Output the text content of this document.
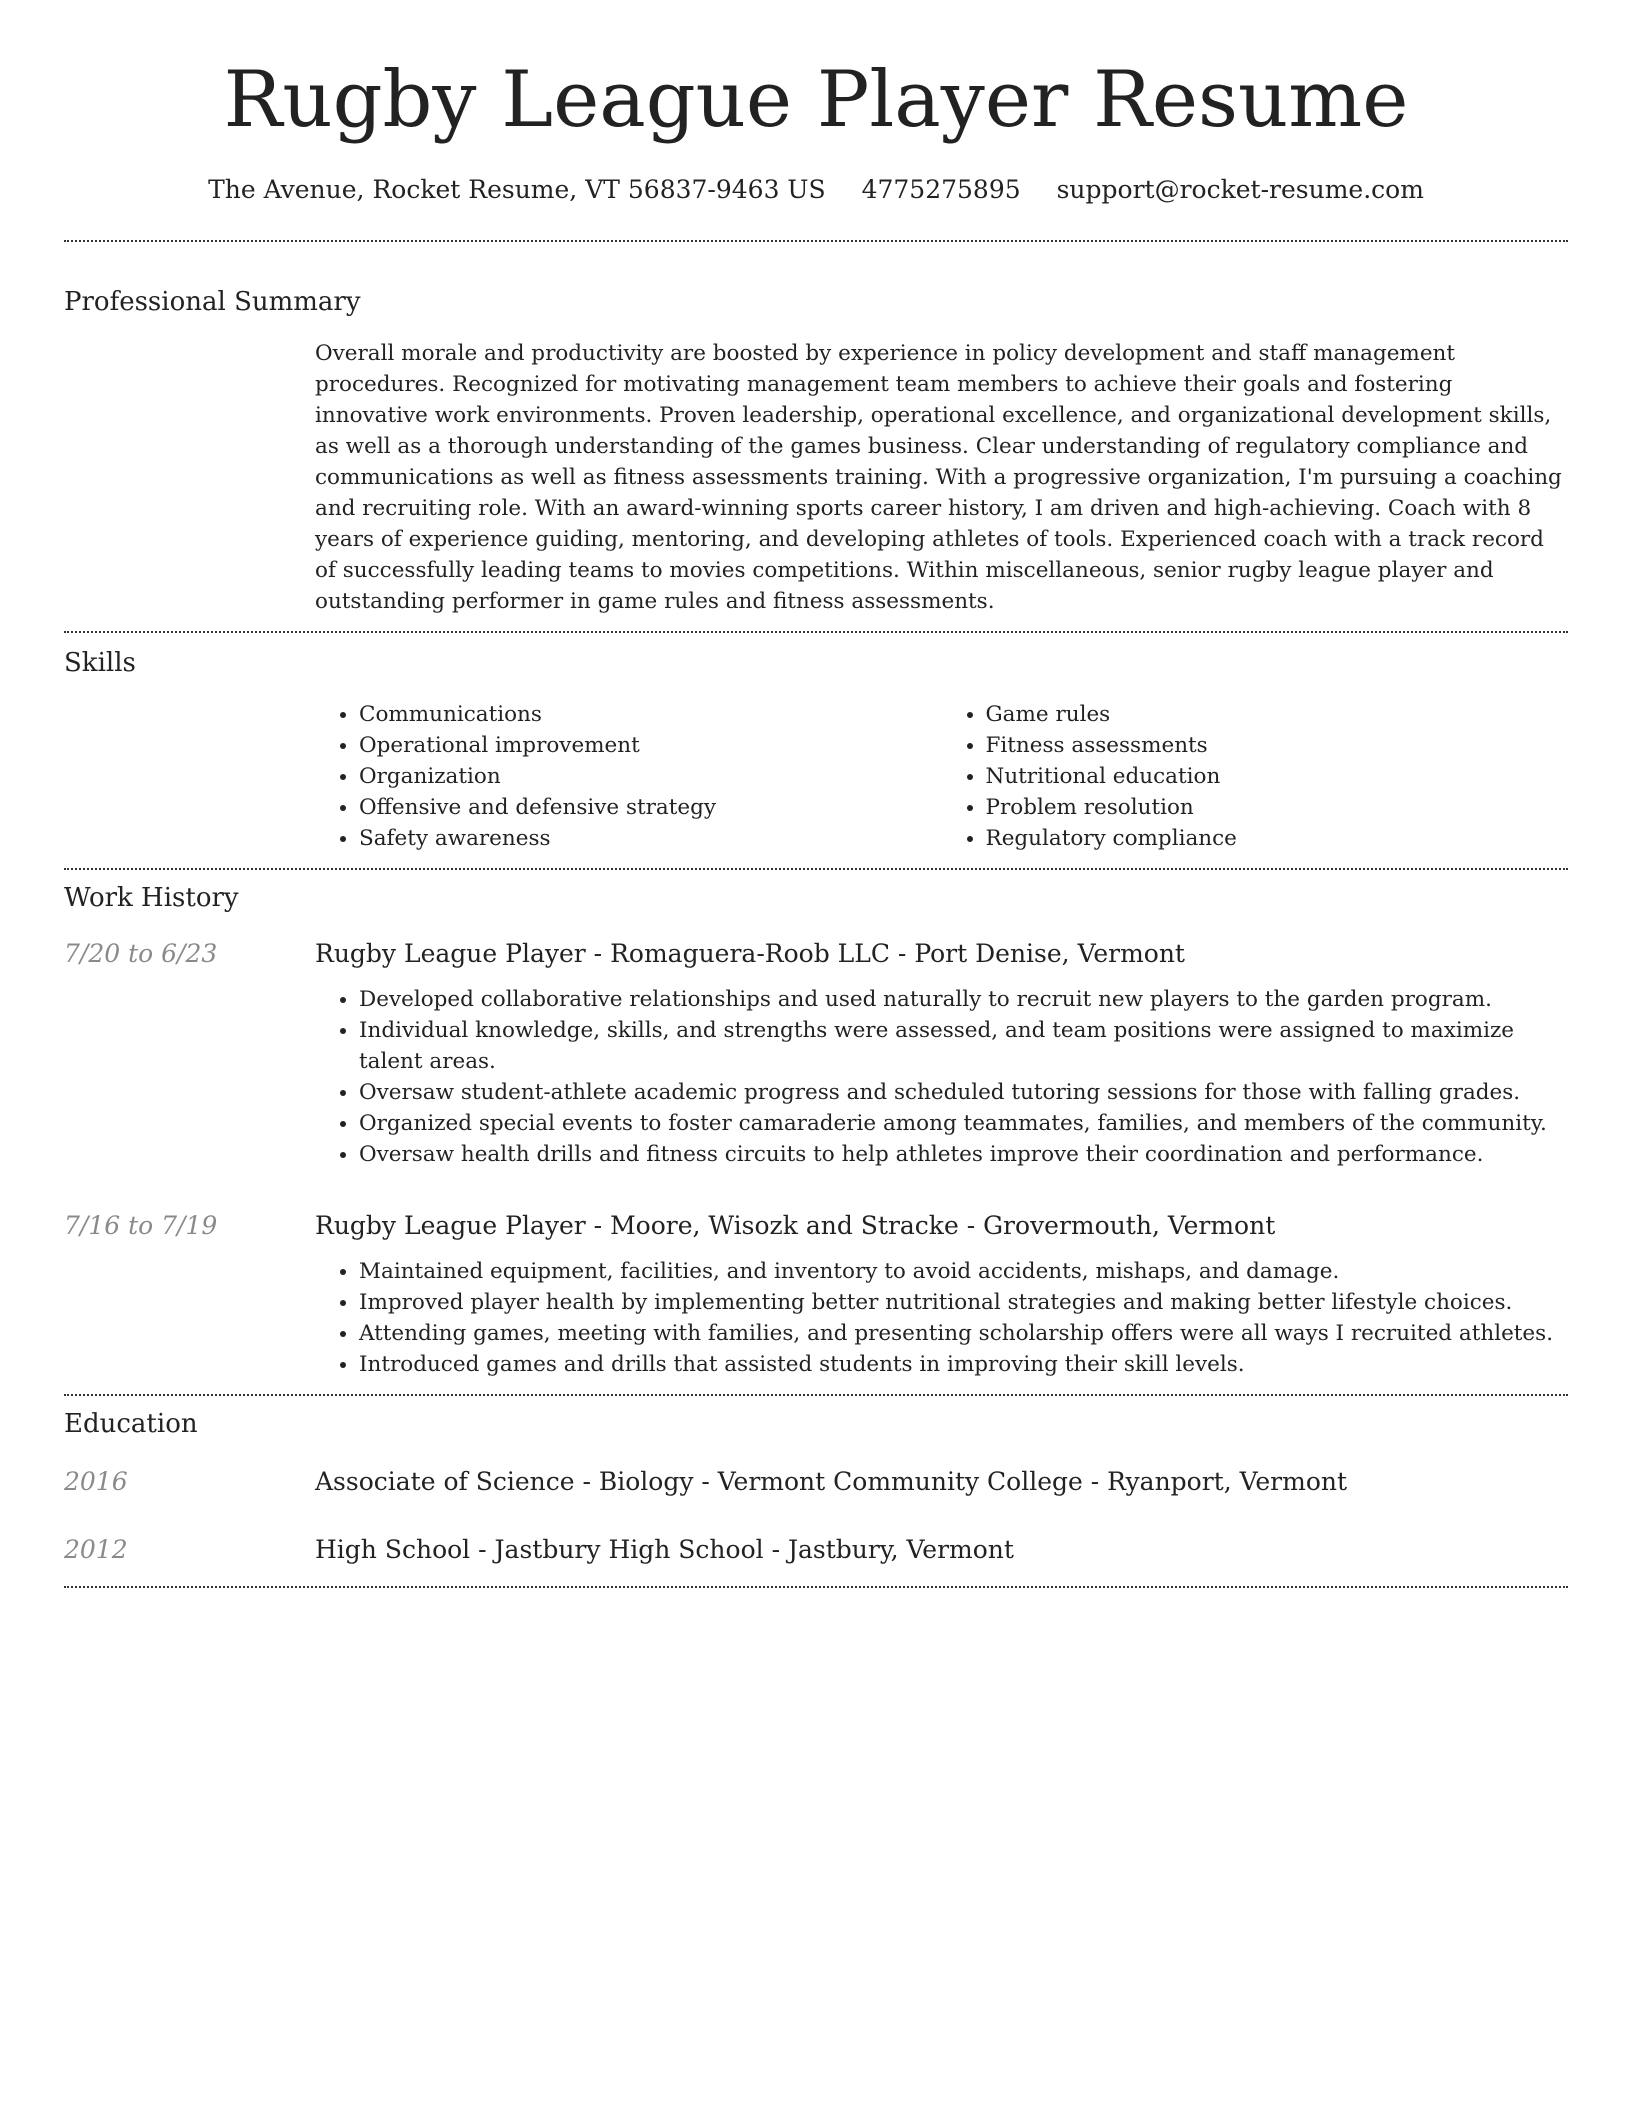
Rugby League Player Resume
The Avenue, Rocket Resume, VT 56837-9463 US 4775275895 support@rocket-resume.com
Professional Summary

Overall morale and productivity are boosted by experience in policy development and staff management procedures. Recognized for motivating management team members to achieve their goals and fostering innovative work environments. Proven leadership, operational excellence, and organizational development skills, as well as a thorough understanding of the games business. Clear understanding of regulatory compliance and communications as well as fitness assessments training. With a progressive organization, I'm pursuing a coaching and recruiting role. With an award-winning sports career history, I am driven and high-achieving. Coach with 8 years of experience guiding, mentoring, and developing athletes of tools. Experienced coach with a track record of successfully leading teams to movies competitions. Within miscellaneous, senior rugby league player and outstanding performer in game rules and fitness assessments.

Skills
• Communications
• Operational improvement
• Organization
• Offensive and defensive strategy
• Safety awareness
• Game rules
• Fitness assessments
• Nutritional education
• Problem resolution
• Regulatory compliance
Work History
7/20 to 6/23	Rugby League Player - Romaguera-Roob LLC - Port Denise, Vermont
• Developed collaborative relationships and used naturally to recruit new players to the garden program.
• Individual knowledge, skills, and strengths were assessed, and team positions were assigned to maximize talent areas.
• Oversaw student-athlete academic progress and scheduled tutoring sessions for those with falling grades.
• Organized special events to foster camaraderie among teammates, families, and members of the community.
• Oversaw health drills and fitness circuits to help athletes improve their coordination and performance.
7/16 to 7/19	Rugby League Player - Moore, Wisozk and Stracke - Grovermouth, Vermont
• Maintained equipment, facilities, and inventory to avoid accidents, mishaps, and damage.
• Improved player health by implementing better nutritional strategies and making better lifestyle choices.
• Attending games, meeting with families, and presenting scholarship offers were all ways I recruited athletes.
• Introduced games and drills that assisted students in improving their skill levels.
Education
2016	Associate of Science - Biology - Vermont Community College - Ryanport, Vermont
2012	High School - Jastbury High School - Jastbury, Vermont
